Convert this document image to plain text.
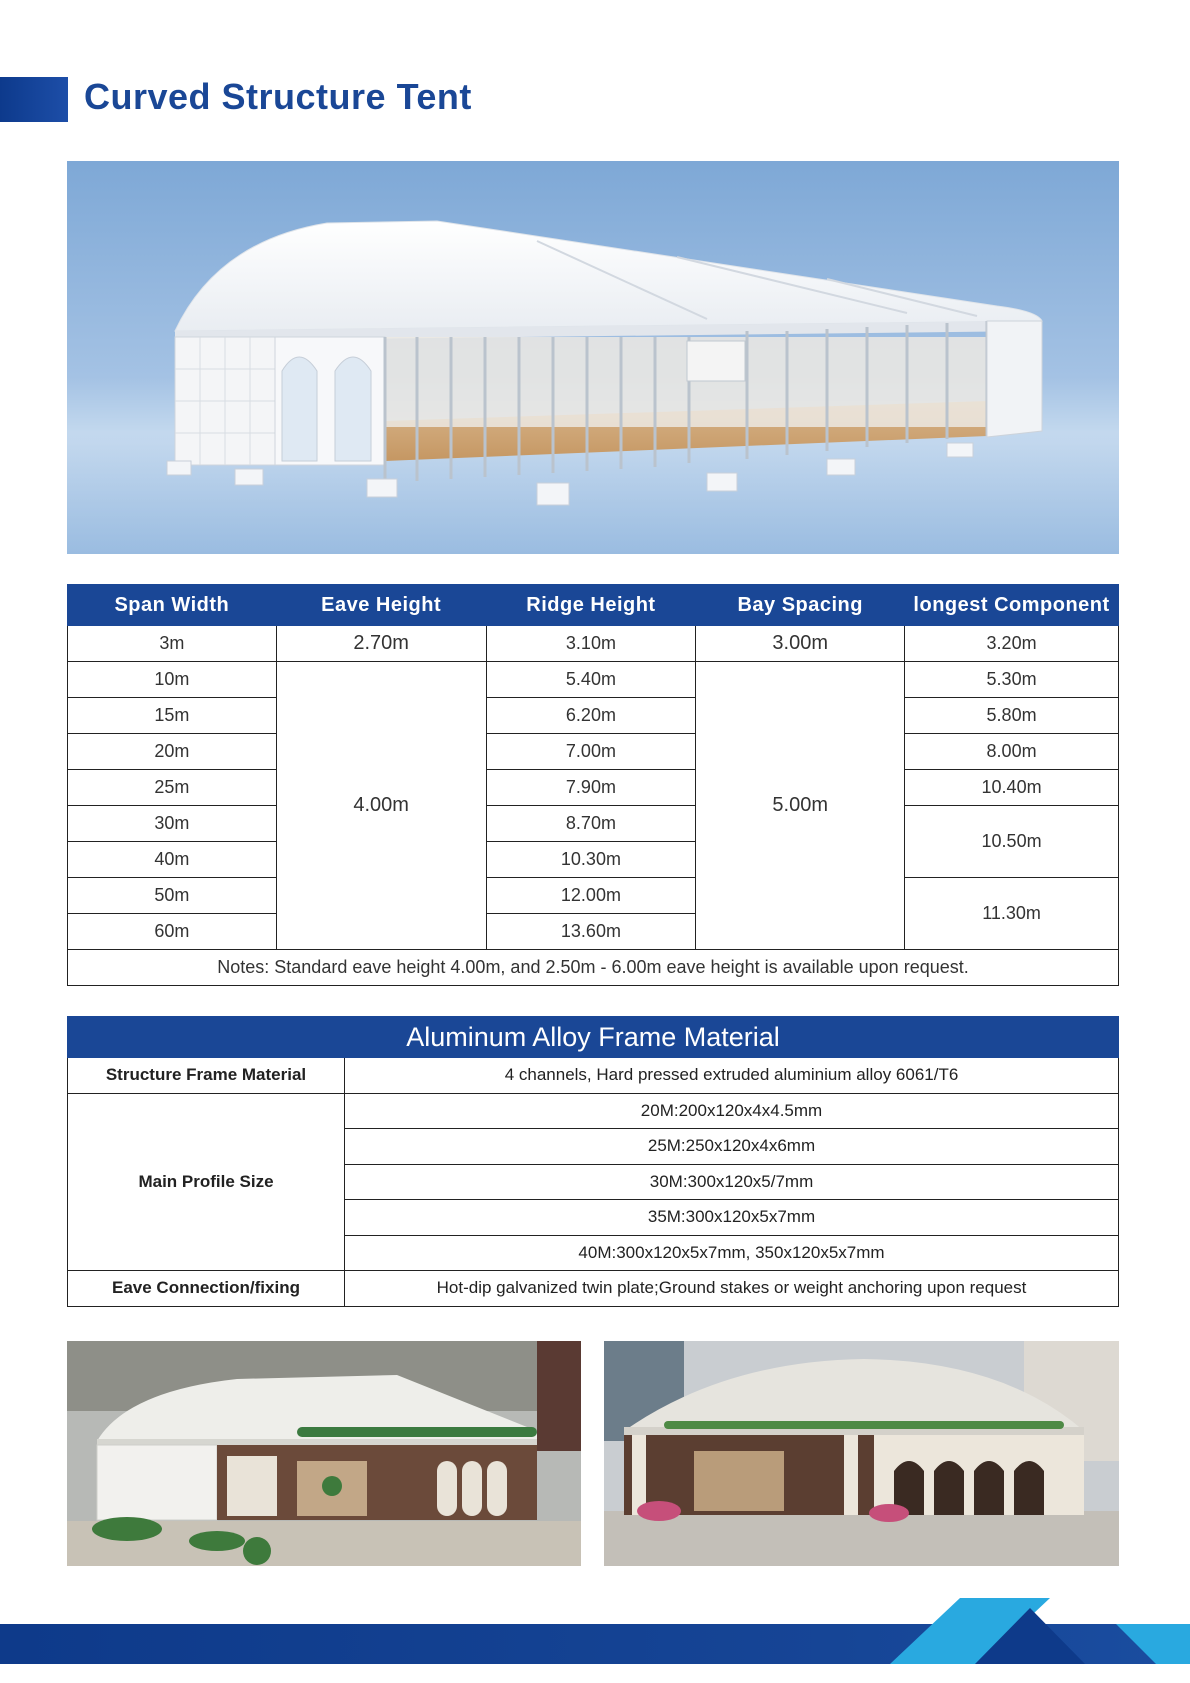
Curved Structure Tent
Span Width	Eave Height	Ridge Height	Bay Spacing	longest Component
3m	2.70m	3.10m	3.00m	3.20m
10m	4.00m	5.40m	5.00m	5.30m
15m		6.20m		5.80m
20m		7.00m		8.00m
25m		7.90m		10.40m
30m		8.70m		10.50m
40m		10.30m		
50m		12.00m		11.30m
60m		13.60m		
Notes: Standard eave height 4.00m, and 2.50m - 6.00m eave height is available upon request.				
Aluminum Alloy Frame Material	
Structure Frame Material	4 channels, Hard pressed extruded aluminium alloy 6061/T6
Main Profile Size	20M:200x120x4x4.5mm
	25M:250x120x4x6mm
	30M:300x120x5/7mm
	35M:300x120x5x7mm
	40M:300x120x5x7mm, 350x120x5x7mm
Eave Connection/fixing	Hot-dip galvanized twin plate;Ground stakes or weight anchoring upon request
